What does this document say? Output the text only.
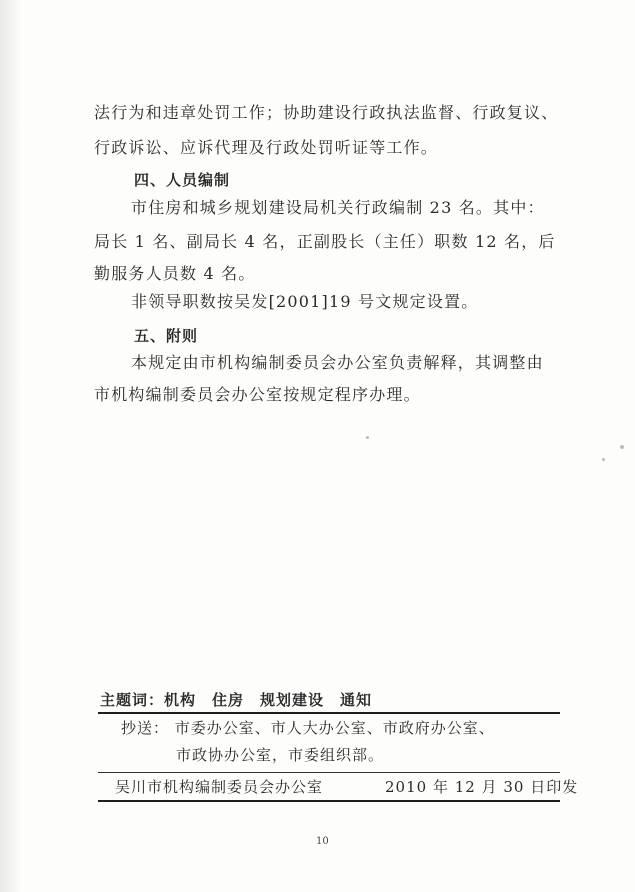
法行为和违章处罚工作；协助建设行政执法监督、行政复议、
行政诉讼、应诉代理及行政处罚听证等工作。
四、人员编制
市住房和城乡规划建设局机关行政编制 23 名。其中：
局长 1 名、副局长 4 名，正副股长（主任）职数 12 名，后
勤服务人员数 4 名。
非领导职数按吴发[2001]19 号文规定设置。
五、附则
本规定由市机构编制委员会办公室负责解释，其调整由
市机构编制委员会办公室按规定程序办理。
主题词：机构　住房　规划建设　通知
抄送： 市委办公室、市人大办公室、市政府办公室、
市政协办公室，市委组织部。
吴川市机构编制委员会办公室	2010 年 12 月 30 日印发
10
